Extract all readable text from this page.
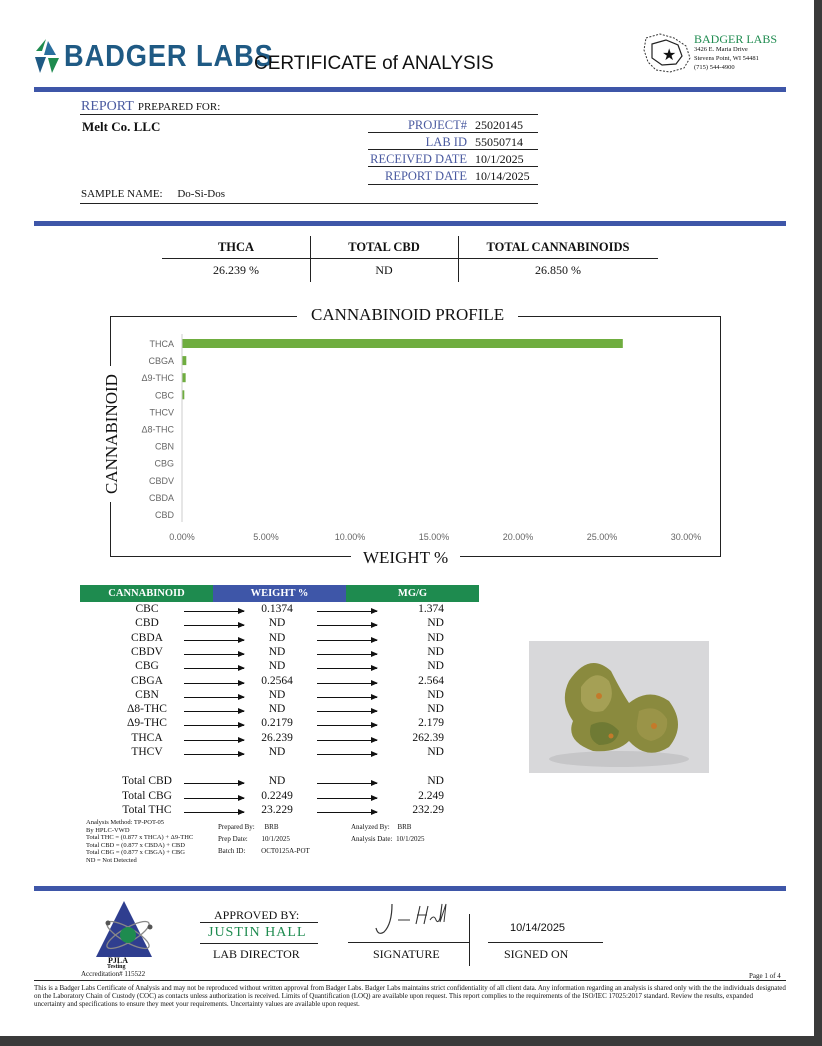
BADGER LABS
CERTIFICATE of ANALYSIS	★
BADGER LABS
3426 E. Maria Drive
Stevens Point, WI 54481
(715) 544-4900
REPORT PREPARED FOR:
Melt Co. LLC	PROJECT# 25020145
LAB ID 55050714
RECEIVED DATE 10/1/2025
REPORT DATE 10/14/2025
SAMPLE NAME: Do-Si-Dos
THCA	TOTAL CBD	TOTAL CANNABINOIDS
26.239 %	ND	26.850 %
CANNABINOID PROFILE
WEIGHT %
CANNABINOID
THCA
CBGA
Δ9-THC
CBC
THCV
Δ8-THC
CBN
CBG
CBDV
CBDA
CBD
0.00%	5.00%	10.00%	15.00%	20.00%	25.00%	30.00%
CANNABINOID	WEIGHT %	MG/G
CBC	0.1374	1.374
CBD	ND	ND
CBDA	ND	ND
CBDV	ND	ND
CBG	ND	ND
CBGA	0.2564	2.564
CBN	ND	ND
Δ8-THC	ND	ND
Δ9-THC	0.2179	2.179
THCA	26.239	262.39
THCV	ND	ND
Total CBD	ND	ND
Total CBG	0.2249	2.249
Total THC	23.229	232.29
Analysis Method: TP-POT-05
By HPLC-VWD
Total THC = (0.877 x THCA) + Δ9-THC
Total CBD = (0.877 x CBDA) + CBD
Total CBG = (0.877 x CBGA) + CBG
ND = Not Detected
Prepared By: BRB
Prep Date: 10/1/2025
Batch ID: OCT0125A-POT
Analyzed By: BRB
Analysis Date: 10/1/2025
PJLA
Testing
Accreditation# 115522
APPROVED BY:
JUSTIN HALL
LAB DIRECTOR	SIGNATURE
10/14/2025
SIGNED ON
Page 1 of 4
This is a Badger Labs Certificate of Analysis and may not be reproduced without written approval from Badger Labs. Badger Labs maintains strict confidentiality of all client data. Any information regarding an analysis is shared only with the the individuals designated on the Laboratory Chain of Custody (COC) as contacts unless authorization is received. Limits of Quantification (LOQ) are available upon request. This report complies to the requirements of the ISO/IEC 17025:2017 standard. Review the results, expanded uncertainty and specifications to ensure they meet your requirements. Uncertainty values are available upon request.
